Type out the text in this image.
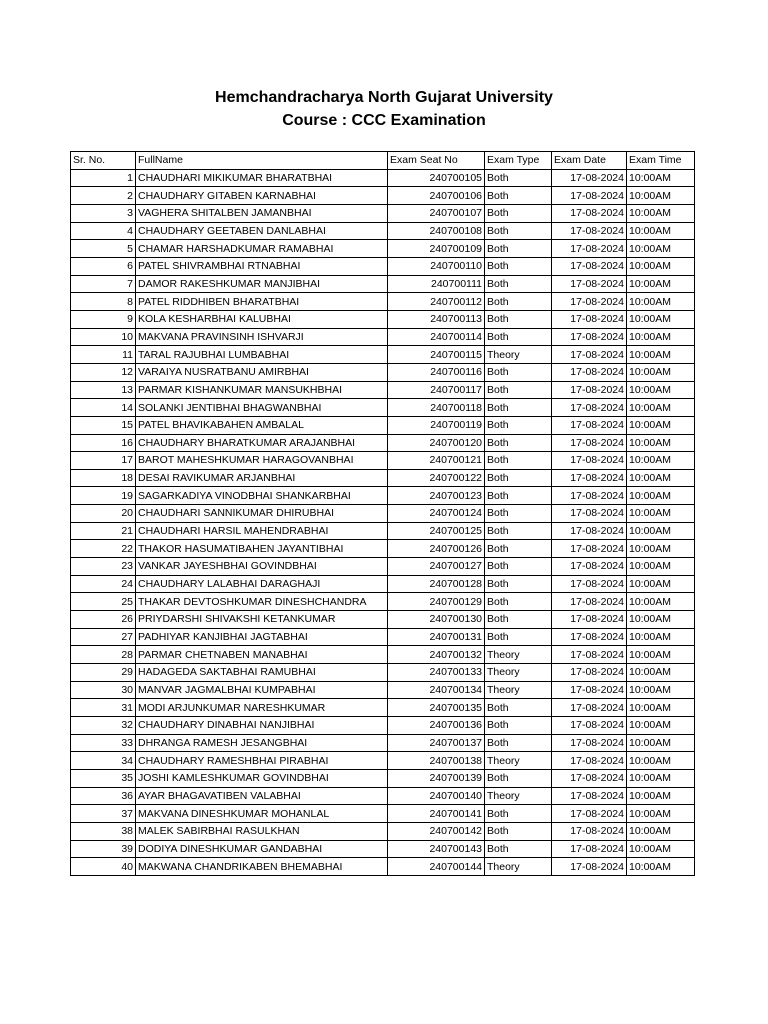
Hemchandracharya North Gujarat University
Course : CCC Examination
Sr. No.	FullName	Exam Seat No	Exam Type	Exam Date	Exam Time
1	CHAUDHARI MIKIKUMAR BHARATBHAI	240700105	Both	17-08-2024	10:00AM
2	CHAUDHARY GITABEN KARNABHAI	240700106	Both	17-08-2024	10:00AM
3	VAGHERA SHITALBEN JAMANBHAI	240700107	Both	17-08-2024	10:00AM
4	CHAUDHARY GEETABEN DANLABHAI	240700108	Both	17-08-2024	10:00AM
5	CHAMAR HARSHADKUMAR RAMABHAI	240700109	Both	17-08-2024	10:00AM
6	PATEL SHIVRAMBHAI RTNABHAI	240700110	Both	17-08-2024	10:00AM
7	DAMOR RAKESHKUMAR MANJIBHAI	240700111	Both	17-08-2024	10:00AM
8	PATEL RIDDHIBEN BHARATBHAI	240700112	Both	17-08-2024	10:00AM
9	KOLA KESHARBHAI KALUBHAI	240700113	Both	17-08-2024	10:00AM
10	MAKVANA PRAVINSINH ISHVARJI	240700114	Both	17-08-2024	10:00AM
11	TARAL RAJUBHAI LUMBABHAI	240700115	Theory	17-08-2024	10:00AM
12	VARAIYA NUSRATBANU AMIRBHAI	240700116	Both	17-08-2024	10:00AM
13	PARMAR KISHANKUMAR MANSUKHBHAI	240700117	Both	17-08-2024	10:00AM
14	SOLANKI JENTIBHAI BHAGWANBHAI	240700118	Both	17-08-2024	10:00AM
15	PATEL BHAVIKABAHEN AMBALAL	240700119	Both	17-08-2024	10:00AM
16	CHAUDHARY BHARATKUMAR ARAJANBHAI	240700120	Both	17-08-2024	10:00AM
17	BAROT MAHESHKUMAR HARAGOVANBHAI	240700121	Both	17-08-2024	10:00AM
18	DESAI RAVIKUMAR ARJANBHAI	240700122	Both	17-08-2024	10:00AM
19	SAGARKADIYA VINODBHAI SHANKARBHAI	240700123	Both	17-08-2024	10:00AM
20	CHAUDHARI SANNIKUMAR DHIRUBHAI	240700124	Both	17-08-2024	10:00AM
21	CHAUDHARI HARSIL MAHENDRABHAI	240700125	Both	17-08-2024	10:00AM
22	THAKOR HASUMATIBAHEN JAYANTIBHAI	240700126	Both	17-08-2024	10:00AM
23	VANKAR JAYESHBHAI GOVINDBHAI	240700127	Both	17-08-2024	10:00AM
24	CHAUDHARY LALABHAI DARAGHAJI	240700128	Both	17-08-2024	10:00AM
25	THAKAR DEVTOSHKUMAR DINESHCHANDRA	240700129	Both	17-08-2024	10:00AM
26	PRIYDARSHI SHIVAKSHI KETANKUMAR	240700130	Both	17-08-2024	10:00AM
27	PADHIYAR KANJIBHAI JAGTABHAI	240700131	Both	17-08-2024	10:00AM
28	PARMAR CHETNABEN MANABHAI	240700132	Theory	17-08-2024	10:00AM
29	HADAGEDA SAKTABHAI RAMUBHAI	240700133	Theory	17-08-2024	10:00AM
30	MANVAR JAGMALBHAI KUMPABHAI	240700134	Theory	17-08-2024	10:00AM
31	MODI ARJUNKUMAR NARESHKUMAR	240700135	Both	17-08-2024	10:00AM
32	CHAUDHARY DINABHAI NANJIBHAI	240700136	Both	17-08-2024	10:00AM
33	DHRANGA RAMESH JESANGBHAI	240700137	Both	17-08-2024	10:00AM
34	CHAUDHARY RAMESHBHAI PIRABHAI	240700138	Theory	17-08-2024	10:00AM
35	JOSHI KAMLESHKUMAR GOVINDBHAI	240700139	Both	17-08-2024	10:00AM
36	AYAR BHAGAVATIBEN VALABHAI	240700140	Theory	17-08-2024	10:00AM
37	MAKVANA DINESHKUMAR MOHANLAL	240700141	Both	17-08-2024	10:00AM
38	MALEK SABIRBHAI RASULKHAN	240700142	Both	17-08-2024	10:00AM
39	DODIYA DINESHKUMAR GANDABHAI	240700143	Both	17-08-2024	10:00AM
40	MAKWANA CHANDRIKABEN BHEMABHAI	240700144	Theory	17-08-2024	10:00AM
